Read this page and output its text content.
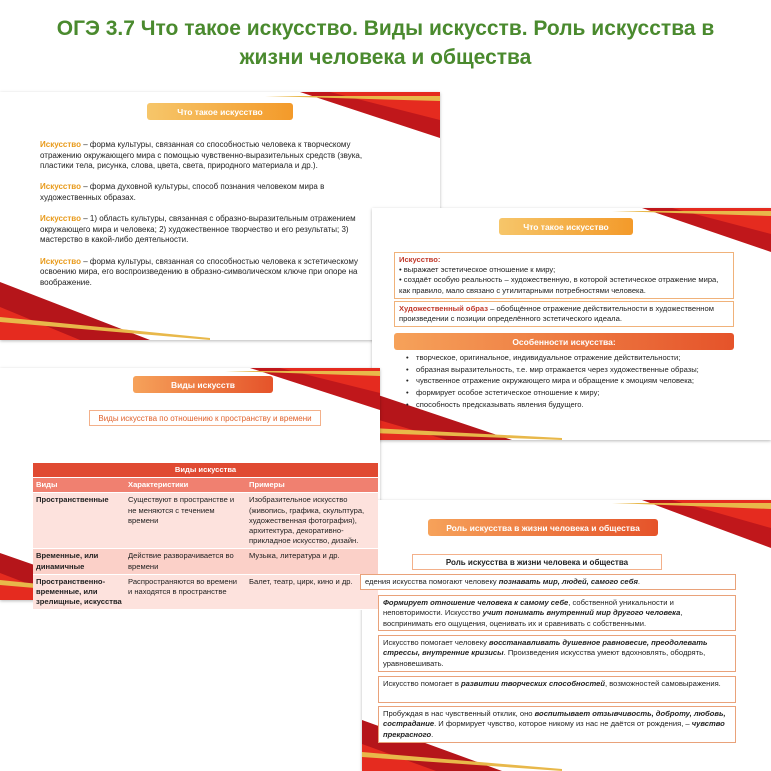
ОГЭ 3.7 Что такое искусство. Виды искусств. Роль искусства в жизни человека и общества
Что такое искусство

Искусство – форма культуры, связанная со способностью человека к творческому отражению окружающего мира с помощью чувственно-выразительных средств (звука, пластики тела, рисунка, слова, цвета, света, природного материала и др.).

Искусство – форма духовной культуры, способ познания человеком мира в художественных образах.

Искусство – 1) область культуры, связанная с образно-выразительным отражением окружающего мира и человека; 2) художественное творчество и его результаты; 3) мастерство в какой-либо деятельности.

Искусство – форма культуры, связанная со способностью человека к эстетическому освоению мира, его воспроизведению в образно-символическом ключе при опоре на воображение.

Что такое искусство
Искусство:
• выражает эстетическое отношение к миру;
• создаёт особую реальность – художественную, в которой эстетическое отражение мира, как правило, мало связано с утилитарными потребностями человека.
Художественный образ – обобщённое отражение действительности в художественном произведении с позиции определённого эстетического идеала.
Особенности искусства:
• творческое, оригинальное, индивидуальное отражение действительности;
• образная выразительность, т.е. мир отражается через художественные образы;
• чувственное отражение окружающего мира и обращение к эмоциям человека;
• формирует особое эстетическое отношение к миру;
• способность предсказывать явления будущего.
Виды искусств
Виды искусства по отношению к пространству и времени
Виды искусства		
Виды	Характеристики	Примеры
Пространственные	Существуют в пространстве и не меняются с течением времени	Изобразительное искусство (живопись, графика, скульптура, художественная фотография), архитектура, декоративно-прикладное искусство, дизайн.
Временные, или динамичные	Действие разворачивается во времени	Музыка, литература и др.
Пространственно-временные, или зрелищные, искусства	Распространяются во времени и находятся в пространстве	Балет, театр, цирк, кино и др.
Роль искусства в жизни человека и общества
Роль искусства в жизни человека и общества
едения искусства помогают человеку познавать мир, людей, самого себя.
Формирует отношение человека к самому себе, собственной уникальности и неповторимости. Искусство учит понимать внутренний мир другого человека, воспринимать его ощущения, оценивать их и сравнивать с собственными.
Искусство помогает человеку восстанавливать душевное равновесие, преодолевать стрессы, внутренние кризисы. Произведения искусства умеют вдохновлять, ободрять, уравновешивать.
Искусство помогает в развитии творческих способностей, возможностей самовыражения.
Пробуждая в нас чувственный отклик, оно воспитывает отзывчивость, доброту, любовь, сострадание. И формирует чувство, которое никому из нас не даётся от рождения, – чувство прекрасного.
